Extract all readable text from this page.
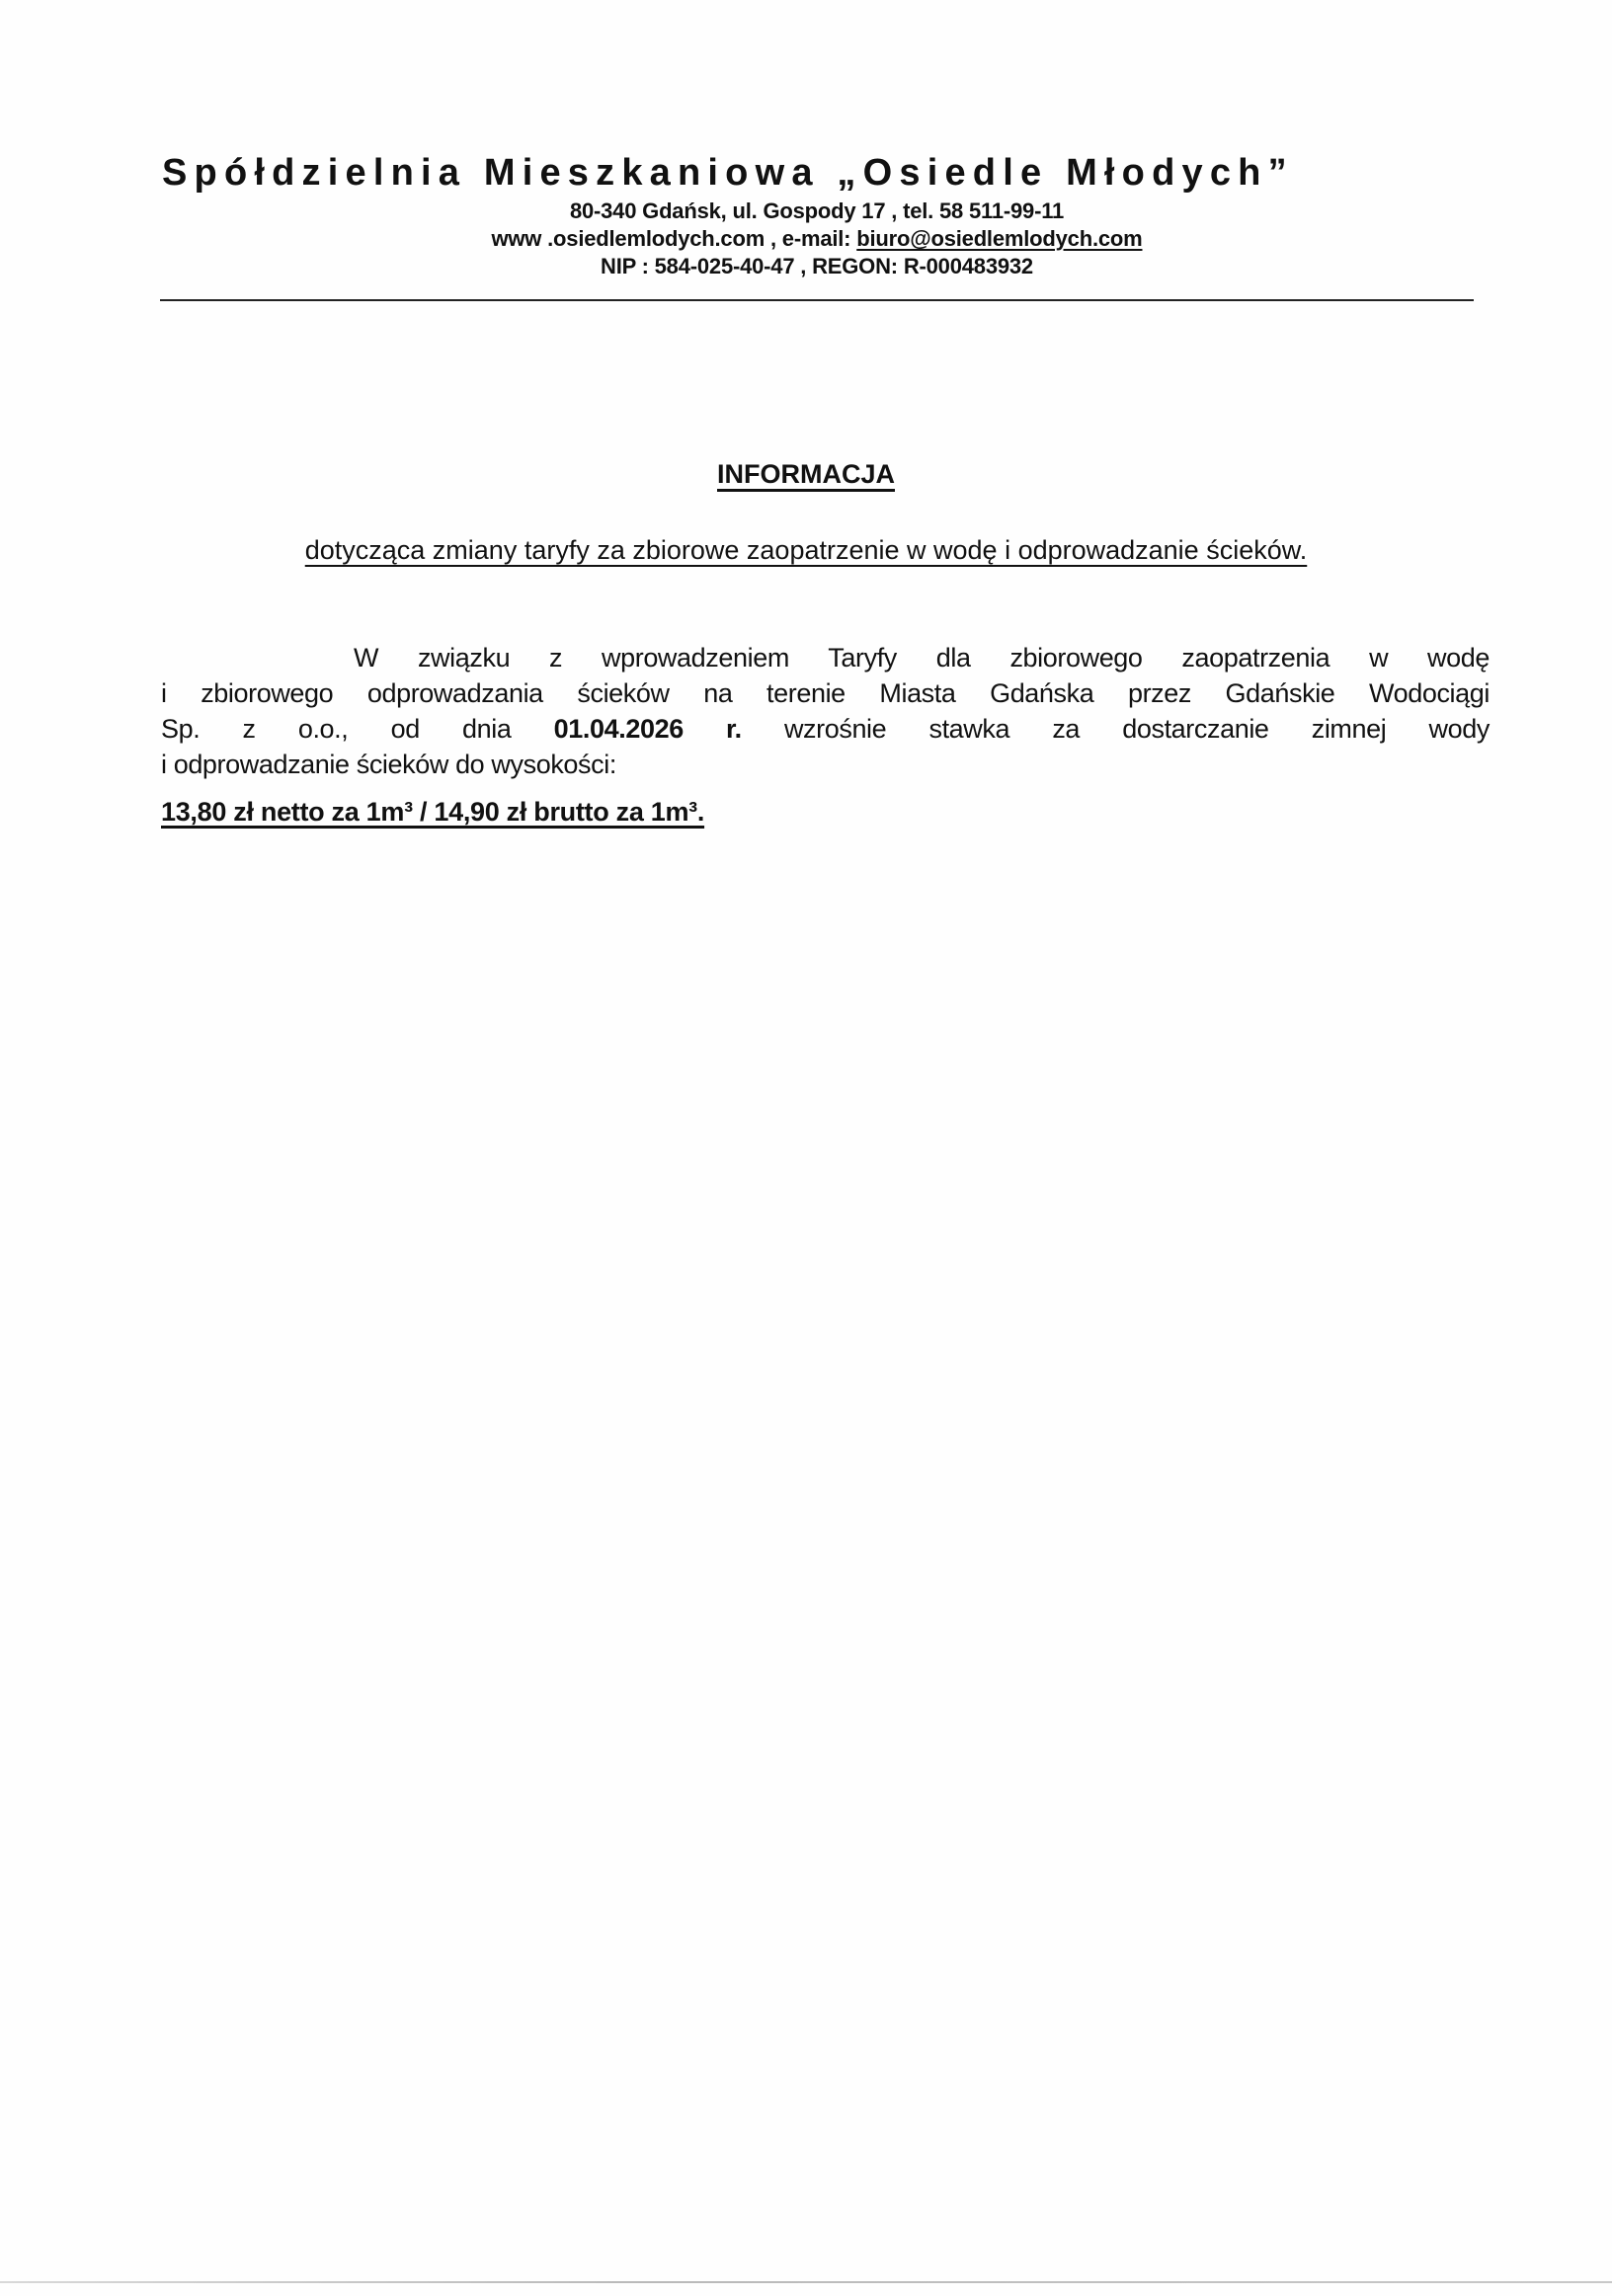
Spółdzielnia Mieszkaniowa „Osiedle Młodych”
80-340 Gdańsk, ul. Gospody 17 , tel. 58 511-99-11
www .osiedlemlodych.com , e-mail: biuro@osiedlemlodych.com
NIP : 584-025-40-47 , REGON: R-000483932
INFORMACJA
dotycząca zmiany taryfy za zbiorowe zaopatrzenie w wodę i odprowadzanie ścieków.
W związku z wprowadzeniem Taryfy dla zbiorowego zaopatrzenia w wodę
i zbiorowego odprowadzania ścieków na terenie Miasta Gdańska przez Gdańskie Wodociągi
Sp. z o.o., od dnia 01.04.2026 r. wzrośnie stawka za dostarczanie zimnej wody
i odprowadzanie ścieków do wysokości:
13,80 zł netto za 1m³ / 14,90 zł brutto za 1m³.
